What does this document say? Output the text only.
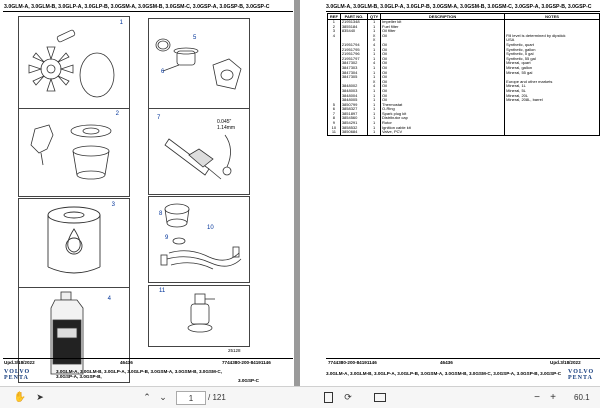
3.0GLM-A, 3.0GLM-B, 3.0GLP-A, 3.0GLP-B, 3.0GSM-A, 3.0GSM-B, 3.0GSM-C, 3.0GSP-A, 3.0GSP-B, 3.0GSP-C
1
2
3
4
5
6
7
0.045"
1.14mm
8
9
10
11
25128
Upd.3/18/2022	46436	7744380-200-84191146
VOLVO
PENTA
3.0GLM-A, 3.0GLM-B, 3.0GLP-A, 3.0GLP-B, 3.0GSM-A, 3.0GSM-B, 3.0GSM-C,
3.0GSP-A, 3.0GSP-B,
3.0GSP-C
3.0GLM-A, 3.0GLM-B, 3.0GLP-A, 3.0GLP-B, 3.0GSM-A, 3.0GSM-B, 3.0GSM-C, 3.0GSP-A, 3.0GSP-B, 3.0GSP-C
REF	PART NO.	QTY	DESCRIPTION	NOTES
1	21951348	1	Impeller kit	
2	3855184	1	Fuel filter	
3	835440	1	Oil filter	
4		X	Oil	Fill level is determined by dipstick
		X		USA
	21951794	4	Oil	Synthetic, quart
	21951795	1	Oil	Synthetic, gallon
	21951796	1	Oil	Synthetic, 5 gal
	21951797	1	Oil	Synthetic, 55 gal
	3847302	4	Oil	Mineral, quart
	3847303	1	Oil	Mineral, gallon
	3847304	1	Oil	Mineral, 55 gal
	3847305	1	Oil	
		X	Oil	Europe and other markets
	3848002	4	Oil	Mineral, 1L
	3848003	1	Oil	Mineral, 5L
	3848004	1	Oil	Mineral, 20L
	3848005	1	Oil	Mineral, 208L, barrel
5	3850799	1	Thermostat	
6	3858327	1	O-Ring	
7	3851897	1	Spark plug kit	
8	3854560	1	Distributor cap	
9	3854291	1	Rotor	
10	3858532	1	Ignition cable kit	
11	3850684	1	Valve, PCV	
7744380-200-84191146	46436	Upd.3/18/2022
3.0GLM-A, 3.0GLM-B, 3.0GLP-A, 3.0GLP-B, 3.0GSM-A, 3.0GSM-B, 3.0GSM-C, 3.0GSP-A, 3.0GSP-B, 3.0GSP-C VOLVO
PENTA
✋ ➤	⌃ ⌄	1	/ 121	⟳	− + 60.1
